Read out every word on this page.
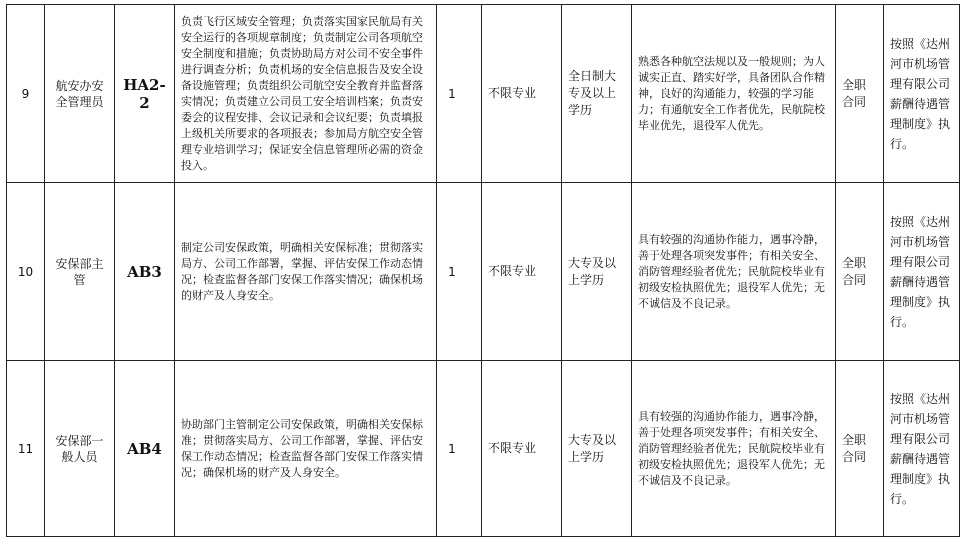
9	航安办安全管理员	HA2-2	负责飞行区域安全管理；负责落实国家民航局有关安全运行的各项规章制度；负责制定公司各项航空安全制度和措施；负责协助局方对公司不安全事件进行调查分析；负责机场的安全信息报告及安全设备设施管理；负责组织公司航空安全教育并监督落实情况；负责建立公司员工安全培训档案；负责安委会的议程安排、会议记录和会议纪要；负责填报上级机关所要求的各项报表；参加局方航空安全管理专业培训学习；保证安全信息管理所必需的资金投入。	1	不限专业	全日制大专及以上学历	熟悉各种航空法规以及一般规则；为人诚实正直、踏实好学，具备团队合作精神，良好的沟通能力，较强的学习能力；有通航安全工作者优先，民航院校毕业优先，退役军人优先。	全职合同	按照《达州河市机场管理有限公司薪酬待遇管理制度》执行。
10	安保部主管	AB3	制定公司安保政策，明确相关安保标准；贯彻落实局方、公司工作部署，掌握、评估安保工作动态情况；检查监督各部门安保工作落实情况；确保机场的财产及人身安全。	1	不限专业	大专及以上学历	具有较强的沟通协作能力，遇事冷静，善于处理各项突发事件；有相关安全、消防管理经验者优先；民航院校毕业有初级安检执照优先；退役军人优先；无不诚信及不良记录。	全职合同	按照《达州河市机场管理有限公司薪酬待遇管理制度》执行。
11	安保部一般人员	AB4	协助部门主管制定公司安保政策，明确相关安保标准；贯彻落实局方、公司工作部署，掌握、评估安保工作动态情况；检查监督各部门安保工作落实情况；确保机场的财产及人身安全。	1	不限专业	大专及以上学历	具有较强的沟通协作能力，遇事冷静，善于处理各项突发事件；有相关安全、消防管理经验者优先；民航院校毕业有初级安检执照优先；退役军人优先；无不诚信及不良记录。	全职合同	按照《达州河市机场管理有限公司薪酬待遇管理制度》执行。
